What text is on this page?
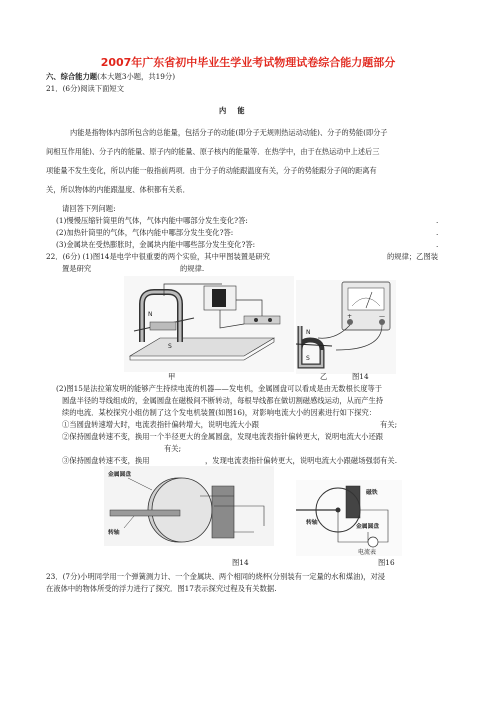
2007年广东省初中毕业生学业考试物理试卷综合能力题部分
六、综合能力题(本大题3小题，共19分)
21．(6分)阅读下面短文
内　能
内能是指物体内部所包含的总能量，包括分子的动能(即分子无规则热运动动能)、分子的势能(即分子
间相互作用能)、分子内的能量、原子内的能量、原子核内的能量等．在热学中，由于在热运动中上述后三
项能量不发生变化，所以内能一般指前两项．由于分子的动能跟温度有关，分子的势能跟分子间的距离有
关，所以物体的内能跟温度、体积都有关系．
请回答下列问题:
(1)慢慢压缩针筒里的气体，气体内能中哪部分发生变化?答:
(2)加热针筒里的气体，气体内能中哪部分发生变化?答:
(3)金属块在受热膨胀时，金属块内能中哪些部分发生变化?答:
.
.
.
22．(6分) (1)图14是电学中很重要的两个实验，其中甲图装置是研究	的规律；乙图装
置是研究	的规律.
N
S
甲
+	—
N
S
乙	图14
(2)图15是法拉第发明的能够产生持续电流的机器——发电机，金属圆盘可以看成是由无数根长度等于
圆盘半径的导线组成的，金属圆盘在磁极间不断转动，每根导线都在做切割磁感线运动，从而产生持
续的电流．某校探究小组仿制了这个发电机装置(如图16)，对影响电流大小的因素进行如下探究：
①当圆盘转速增大时，电流表指针偏转增大，说明电流大小跟	有关;
②保持圆盘转速不变，换用一个半径更大的金属圆盘，发现电流表指针偏转更大，说明电流大小还跟
有关;
③保持圆盘转速不变，换用	，发现电流表指针偏转更大，说明电流大小跟磁场强弱有关.
金属圆盘
转轴
磁铁
转轴
金属圆盘
电流表
图14	图16
23．(7分)小明同学用一个弹簧测力计、一个金属块、两个相同的烧杯(分别装有一定量的水和煤油)，对浸
在液体中的物体所受的浮力进行了探究．图17表示探究过程及有关数据.
